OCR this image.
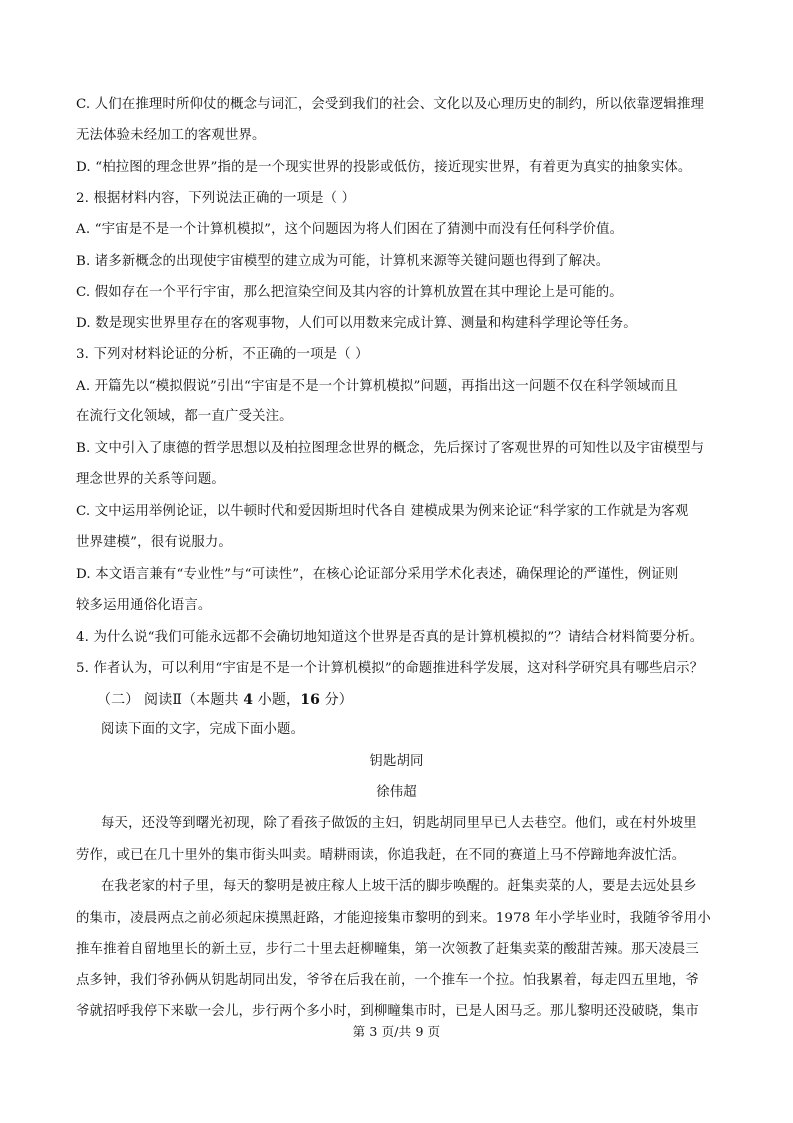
C. 人们在推理时所仰仗的概念与词汇，会受到我们的社会、文化以及心理历史的制约，所以依靠逻辑推理
无法体验未经加工的客观世界。
D. “柏拉图的理念世界”指的是一个现实世界的投影或低仿，接近现实世界，有着更为真实的抽象实体。
2. 根据材料内容，下列说法正确的一项是（ ）
A. “宇宙是不是一个计算机模拟”，这个问题因为将人们困在了猜测中而没有任何科学价值。
B. 诸多新概念的出现使宇宙模型的建立成为可能，计算机来源等关键问题也得到了解决。
C. 假如存在一个平行宇宙，那么把渲染空间及其内容的计算机放置在其中理论上是可能的。
D. 数是现实世界里存在的客观事物，人们可以用数来完成计算、测量和构建科学理论等任务。
3. 下列对材料论证的分析，不正确的一项是（ ）
A. 开篇先以“模拟假说”引出“宇宙是不是一个计算机模拟”问题，再指出这一问题不仅在科学领域而且
在流行文化领域，都一直广受关注。
B. 文中引入了康德的哲学思想以及柏拉图理念世界的概念，先后探讨了客观世界的可知性以及宇宙模型与
理念世界的关系等问题。
C. 文中运用举例论证，以牛顿时代和爱因斯坦时代各自 建模成果为例来论证“科学家的工作就是为客观
世界建模”，很有说服力。
D. 本文语言兼有“专业性”与“可读性”，在核心论证部分采用学术化表述，确保理论的严谨性，例证则
较多运用通俗化语言。
4. 为什么说“我们可能永远都不会确切地知道这个世界是否真的是计算机模拟的”？请结合材料简要分析。
5. 作者认为，可以利用“宇宙是不是一个计算机模拟”的命题推进科学发展，这对科学研究具有哪些启示？
（二） 阅读Ⅱ（本题共 4 小题，16 分）
阅读下面的文字，完成下面小题。
钥匙胡同
徐伟超
每天，还没等到曙光初现，除了看孩子做饭的主妇，钥匙胡同里早已人去巷空。他们，或在村外坡里
劳作，或已在几十里外的集市街头叫卖。晴耕雨读，你追我赶，在不同的赛道上马不停蹄地奔波忙活。
在我老家的村子里，每天的黎明是被庄稼人上坡干活的脚步唤醒的。赶集卖菜的人，要是去远处县乡
的集市，凌晨两点之前必须起床摸黑赶路，才能迎接集市黎明的到来。1978 年小学毕业时，我随爷爷用小
推车推着自留地里长的新土豆，步行二十里去赶柳疃集，第一次领教了赶集卖菜的酸甜苦辣。那天凌晨三
点多钟，我们爷孙俩从钥匙胡同出发，爷爷在后我在前，一个推车一个拉。怕我累着，每走四五里地，爷
爷就招呼我停下来歇一会儿，步行两个多小时，到柳疃集市时，已是人困马乏。那儿黎明还没破晓，集市
第 3 页/共 9 页
